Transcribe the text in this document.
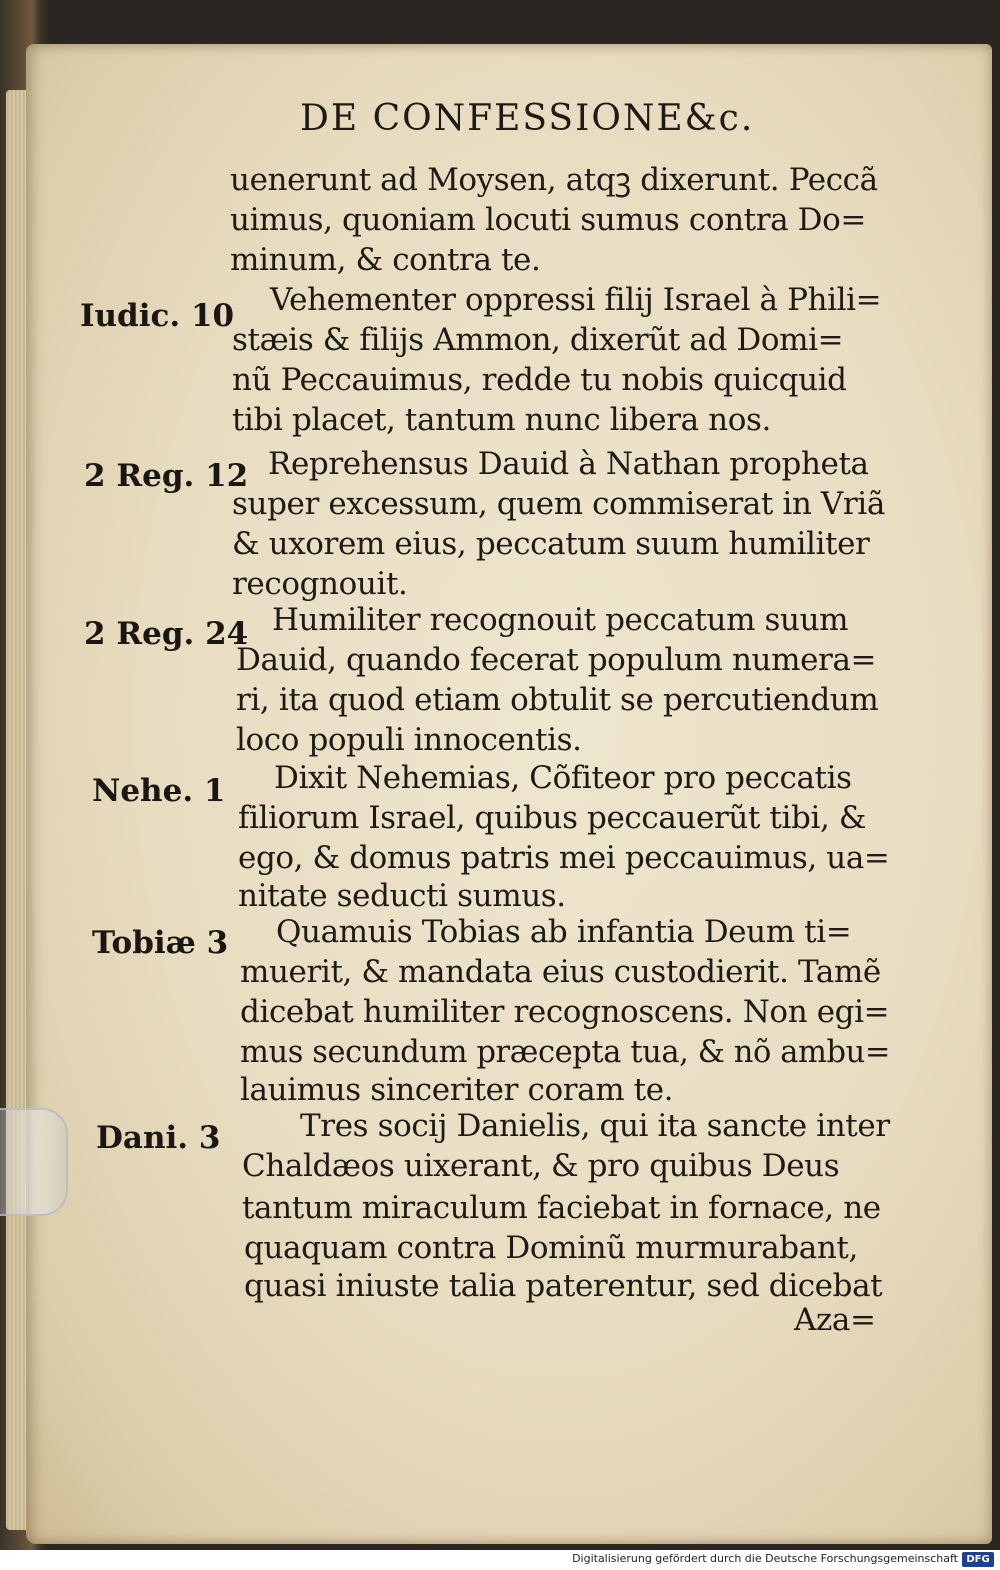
DE CONFESSIONE&c.
Iudic. 10
2 Reg. 12
2 Reg. 24
Nehe. 1
Tobiæ 3
Dani. 3
uenerunt ad Moysen, atqꝫ dixerunt. Peccã
uimus, quoniam locuti sumus contra Do=
minum, & contra te.
Vehementer oppressi filij Israel à Phili=
stæis & filijs Ammon, dixerũt ad Domi=
nũ Peccauimus, redde tu nobis quicquid
tibi placet, tantum nunc libera nos.
Reprehensus Dauid à Nathan propheta
super excessum, quem commiserat in Vriã
& uxorem eius, peccatum suum humiliter
recognouit.
Humiliter recognouit peccatum suum
Dauid, quando fecerat populum numera=
ri, ita quod etiam obtulit se percutiendum
loco populi innocentis.
Dixit Nehemias, Cõfiteor pro peccatis
filiorum Israel, quibus peccauerũt tibi, &
ego, & domus patris mei peccauimus, ua=
nitate seducti sumus.
Quamuis Tobias ab infantia Deum ti=
muerit, & mandata eius custodierit. Tamẽ
dicebat humiliter recognoscens. Non egi=
mus secundum præcepta tua, & nõ ambu=
lauimus sinceriter coram te.
Tres socij Danielis, qui ita sancte inter
Chaldæos uixerant, & pro quibus Deus
tantum miraculum faciebat in fornace, ne
quaquam contra Dominũ murmurabant,
quasi iniuste talia paterentur, sed dicebat
Aza=
Digitalisierung gefördert durch die Deutsche Forschungsgemeinschaft DFG
